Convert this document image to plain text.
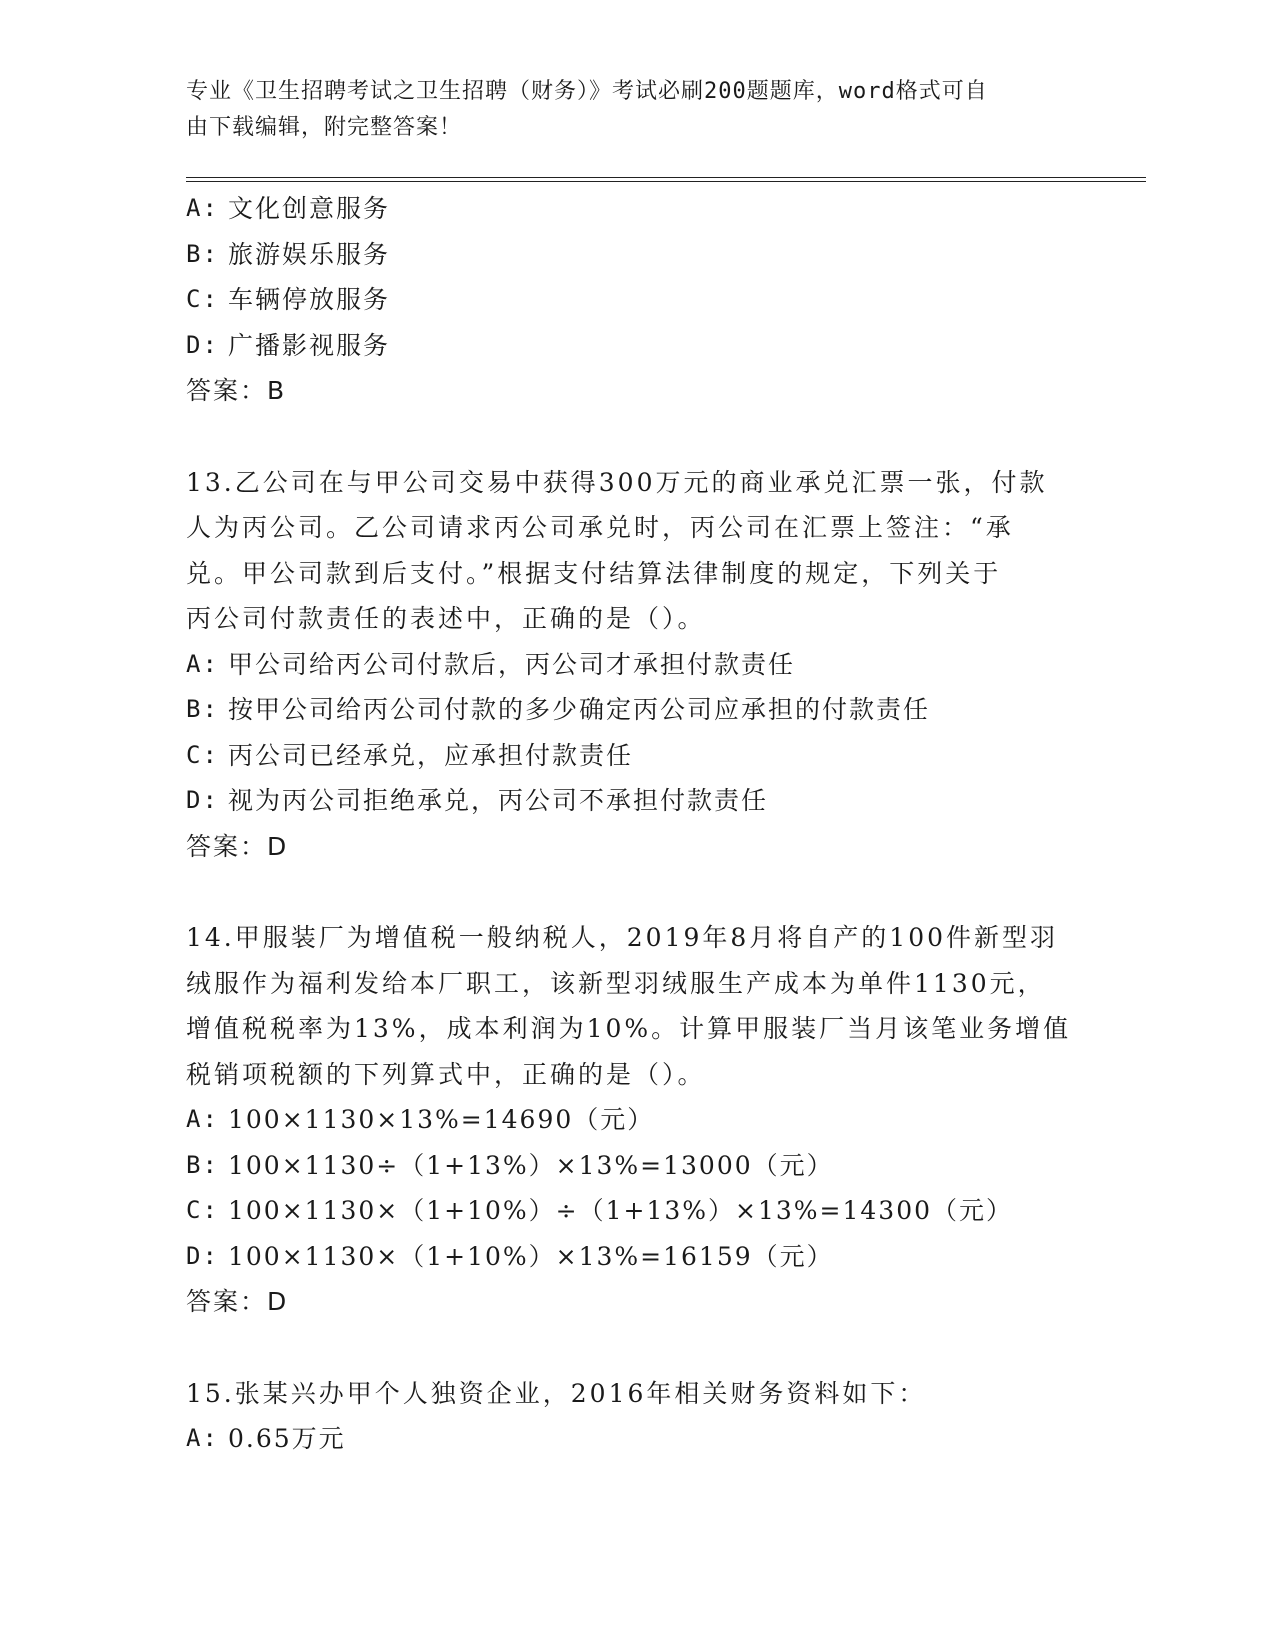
专业《卫生招聘考试之卫生招聘（财务）》考试必刷200题题库，word格式可自
由下载编辑，附完整答案！
A: 文化创意服务
B: 旅游娱乐服务
C: 车辆停放服务
D: 广播影视服务
答案：B
13.乙公司在与甲公司交易中获得300万元的商业承兑汇票一张，付款
人为丙公司。乙公司请求丙公司承兑时，丙公司在汇票上签注：“承
兑。甲公司款到后支付。”根据支付结算法律制度的规定，下列关于
丙公司付款责任的表述中，正确的是（）。
A: 甲公司给丙公司付款后，丙公司才承担付款责任
B: 按甲公司给丙公司付款的多少确定丙公司应承担的付款责任
C: 丙公司已经承兑，应承担付款责任
D: 视为丙公司拒绝承兑，丙公司不承担付款责任
答案：D
14.甲服装厂为增值税一般纳税人，2019年8月将自产的100件新型羽
绒服作为福利发给本厂职工，该新型羽绒服生产成本为单件1130元，
增值税税率为13%，成本利润为10%。计算甲服装厂当月该笔业务增值
税销项税额的下列算式中，正确的是（）。
A: 100×1130×13%=14690（元）
B: 100×1130÷（1+13%）×13%=13000（元）
C: 100×1130×（1+10%）÷（1+13%）×13%=14300（元）
D: 100×1130×（1+10%）×13%=16159（元）
答案：D
15.张某兴办甲个人独资企业，2016年相关财务资料如下：
A: 0.65万元
